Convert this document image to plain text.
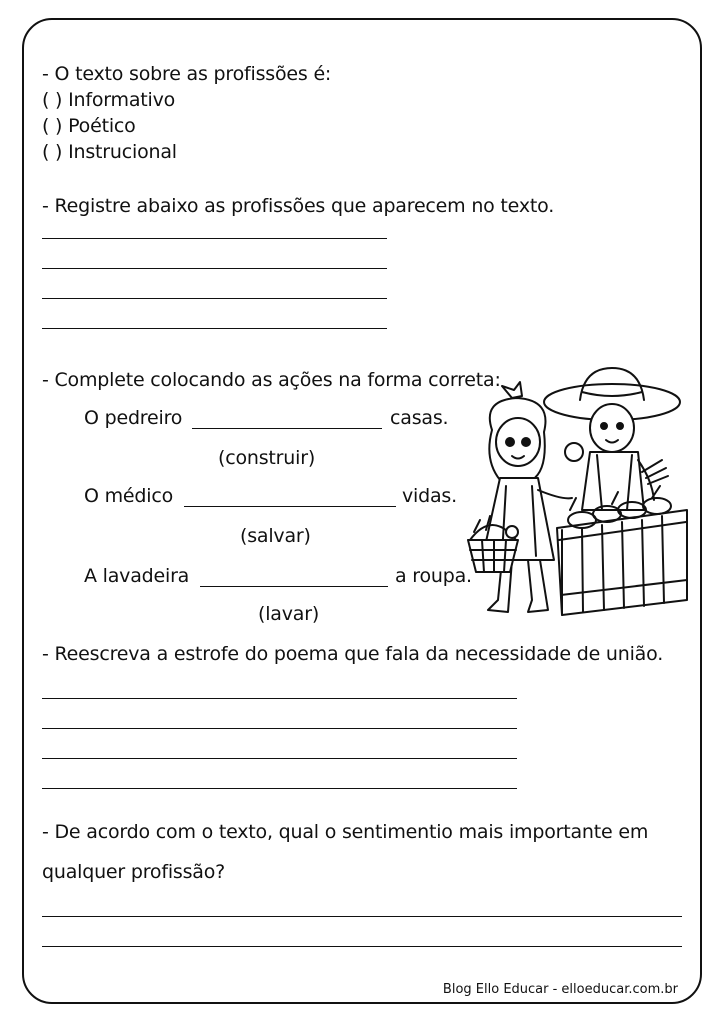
- O texto sobre as profissões é:
( ) Informativo
( ) Poético
( ) Instrucional
- Registre abaixo as profissões que aparecem no texto.
- Complete colocando as ações na forma correta:
O pedreiro	casas.
(construir)
O médico	vidas.
(salvar)
A lavadeira	a roupa.
(lavar)
- Reescreva a estrofe do poema que fala da necessidade de união.
- De acordo com o texto, qual o sentimentio mais importante em
qualquer profissão?
Blog Ello Educar - elloeducar.com.br
